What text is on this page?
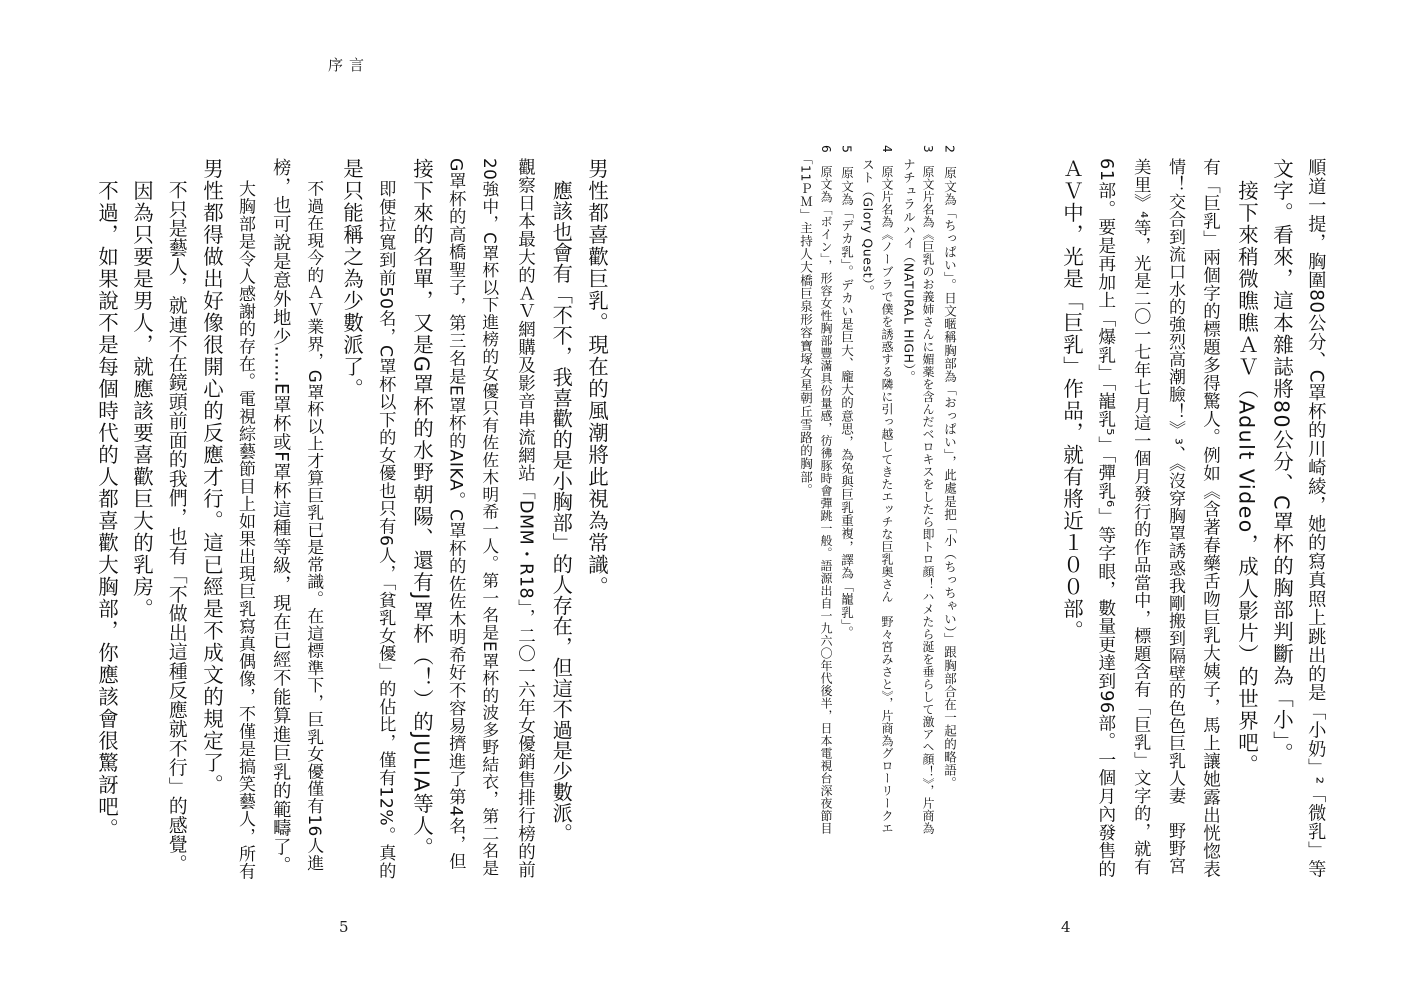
序言

順道一提，胸圍80公分、C罩杯的川崎綾，她的寫真照上跳出的是「小奶」²「微乳」等

文字。看來，這本雜誌將80公分、C罩杯的胸部判斷為「小」。

接下來稍微瞧瞧ＡＶ（Adult Video，成人影片）的世界吧。

有「巨乳」兩個字的標題多得驚人。例如《含著春藥舌吻巨乳大姨子，馬上讓她露出恍惚表

情！交合到流口水的強烈高潮臉！》³、《沒穿胸罩誘惑我剛搬到隔壁的色色巨乳人妻　野野宮

美里》⁴等，光是二〇一七年七月這一個月發行的作品當中，標題含有「巨乳」文字的，就有

61部。要是再加上「爆乳」「巃乳⁵」「彈乳⁶」等字眼，數量更達到96部。一個月內發售的

ＡＶ中，光是「巨乳」作品，就有將近１００部。

2　原文為「ちっぱい」。日文暱稱胸部為「おっぱい」，此處是把「小（ちっちゃい）」跟胸部合在一起的略語。

3　原文片名為《巨乳のお義姉さんに媚薬を含んだベロキスをしたら即トロ顔！ハメたら涎を垂らして激アヘ顔！》，片商為

　ナチュラルハイ（NATURAL HIGH）。

4　原文片名為《ノーブラで僕を誘惑する隣に引っ越してきたエッチな巨乳奥さん　野々宮みさと》，片商為グローリークエ

　スト（Glory Quest）。

5　原文為「デカ乳」。デカい是巨大、龐大的意思，為免與巨乳重複，譯為「巃乳」。

6　原文為「ボイン」，形容女性胸部豐滿具份量感，彷彿豚時會彈跳一般。語源出自一九六〇年代後半，日本電視台深夜節目

　「11ＰＭ」主持人大橋巨泉形容寶塚女星朝丘雪路的胸部。

男性都喜歡巨乳。現在的風潮將此視為常識。

應該也會有「不不，我喜歡的是小胸部」的人存在，但這不過是少數派。

觀察日本最大的ＡＶ網購及影音串流網站「DMM・R18」，二〇一六年女優銷售排行榜的前

20強中，C罩杯以下進榜的女優只有佐佐木明希一人。第一名是E罩杯的波多野結衣，第二名是

G罩杯的高橋聖子，第三名是E罩杯的AIKA。C罩杯的佐佐木明希好不容易擠進了第4名，但

接下來的名單，又是G罩杯的水野朝陽、還有J罩杯（！）的JULIA等人。

即便拉寬到前50名，C罩杯以下的女優也只有6人，「貧乳女優」的佔比，僅有12%。真的

是只能稱之為少數派了。

不過在現今的ＡＶ業界，G罩杯以上才算巨乳已是常識。在這標準下，巨乳女優僅有16人進

榜，也可說是意外地少……E罩杯或F罩杯這種等級，現在已經不能算進巨乳的範疇了。

大胸部是令人感謝的存在。電視綜藝節目上如果出現巨乳寫真偶像，不僅是搞笑藝人，所有

男性都得做出好像很開心的反應才行。這已經是不成文的規定了。

不只是藝人，就連不在鏡頭前面的我們，也有「不做出這種反應就不行」的感覺。

因為只要是男人，就應該要喜歡巨大的乳房。

不過，如果說不是每個時代的人都喜歡大胸部，你應該會很驚訝吧。

5	4
